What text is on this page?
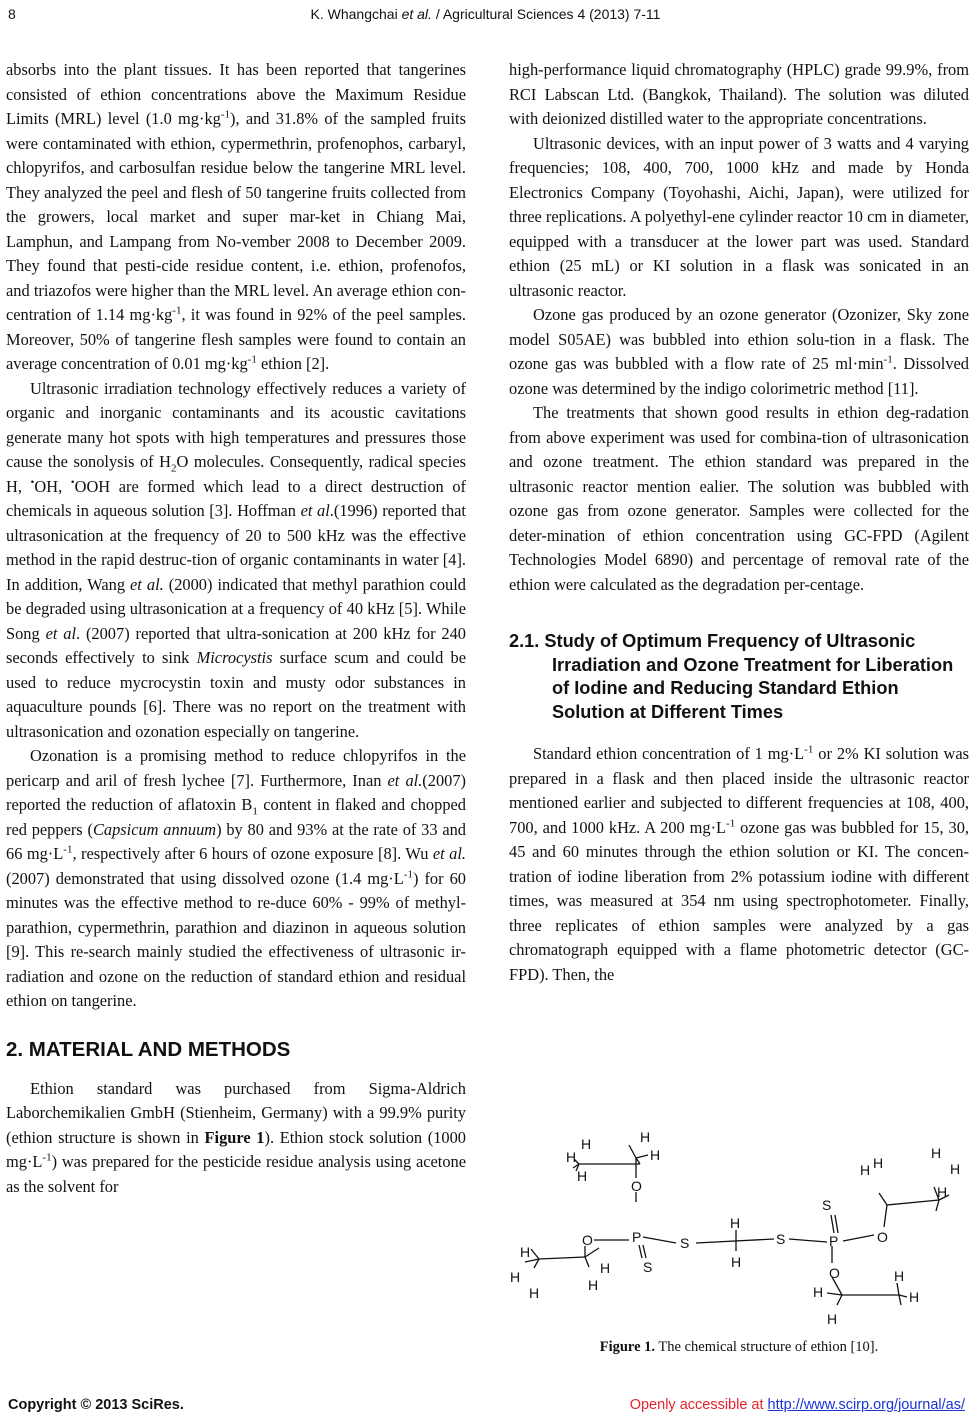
8	K. Whangchai et al. / Agricultural Sciences 4 (2013) 7-11

absorbs into the plant tissues. It has been reported that tangerines consisted of ethion concentrations above the Maximum Residue Limits (MRL) level (1.0 $mg\cdot kg^{-1}$), and 31.8% of the sampled fruits were contaminated with ethion, cypermethrin, profenophos, carbaryl, chlopyrifos, and carbosulfan residue below the tangerine MRL level. They analyzed the peel and flesh of 50 tangerine fruits collected from the growers, local market and super mar-ket in Chiang Mai, Lamphun, and Lampang from No-vember 2008 to December 2009. They found that pesti-cide residue content, i.e. ethion, profenofos, and triazofos were higher than the MRL level. An average ethion con-centration of 1.14 $mg\cdot kg^{-1}$, it was found in 92% of the peel samples. Moreover, 50% of tangerine flesh samples were found to contain an average concentration of 0.01 $mg\cdot kg^{-1}$ ethion [2].

Ultrasonic irradiation technology effectively reduces a variety of organic and inorganic contaminants and its acoustic cavitations generate many hot spots with high temperatures and pressures those cause the sonolysis of $H_2O$ molecules. Consequently, radical species H, •OH, •OOH are formed which lead to a direct destruction of chemicals in aqueous solution [3]. Hoffman et al.(1996) reported that ultrasonication at the frequency of 20 to 500 kHz was the effective method in the rapid destruc-tion of organic contaminants in water [4]. In addition, Wang et al. (2000) indicated that methyl parathion could be degraded using ultrasonication at a frequency of 40 kHz [5]. While Song et al. (2007) reported that ultra-sonication at 200 kHz for 240 seconds effectively to sink Microcystis surface scum and could be used to reduce mycrocystin toxin and musty odor substances in aquaculture pounds [6]. There was no report on the treatment with ultrasonication and ozonation especially on tangerine.

Ozonation is a promising method to reduce chlopyrifos in the pericarp and aril of fresh lychee [7]. Furthermore, Inan et al.(2007) reported the reduction of aflatoxin $B_1$ content in flaked and chopped red peppers (Capsicum annuum) by 80 and 93% at the rate of 33 and 66 $mg\cdot L^{-1}$, respectively after 6 hours of ozone exposure [8]. Wu et al. (2007) demonstrated that using dissolved ozone (1.4 $mg\cdot L^{-1}$) for 60 minutes was the effective method to re-duce 60% - 99% of methyl-parathion, cypermethrin, parathion and diazinon in aqueous solution [9]. This re-search mainly studied the effectiveness of ultrasonic ir-radiation and ozone on the reduction of standard ethion and residual ethion on tangerine.

2. MATERIAL AND METHODS

Ethion standard was purchased from Sigma-Aldrich Laborchemikalien GmbH (Stienheim, Germany) with a 99.9% purity (ethion structure is shown in Figure 1). Ethion stock solution (1000 $mg\cdot L^{-1}$) was prepared for the pesticide residue analysis using acetone as the solvent for

high-performance liquid chromatography (HPLC) grade 99.9%, from RCI Labscan Ltd. (Bangkok, Thailand). The solution was diluted with deionized distilled water to the appropriate concentrations.

Ultrasonic devices, with an input power of 3 watts and 4 varying frequencies; 108, 400, 700, 1000 kHz and made by Honda Electronics Company (Toyohashi, Aichi, Japan), were utilized for three replications. A polyethyl-ene cylinder reactor 10 cm in diameter, equipped with a transducer at the lower part was used. Standard ethion (25 mL) or KI solution in a flask was sonicated in an ultrasonic reactor.

Ozone gas produced by an ozone generator (Ozonizer, Sky zone model S05AE) was bubbled into ethion solu-tion in a flask. The ozone gas was bubbled with a flow rate of 25 $ml\cdot\min^{-1}$. Dissolved ozone was determined by the indigo colorimetric method [11].

The treatments that shown good results in ethion deg-radation from above experiment was used for combina-tion of ultrasonication and ozone treatment. The ethion standard was prepared in the ultrasonic reactor mention ealier. The solution was bubbled with ozone gas from ozone generator. Samples were collected for the deter-mination of ethion concentration using GC-FPD (Agilent Technologies Model 6890) and percentage of removal rate of the ethion were calculated as the degradation per-centage.

2.1. Study of Optimum Frequency of Ultrasonic Irradiation and Ozone Treatment for Liberation of Iodine and Reducing Standard Ethion Solution at Different Times

Standard ethion concentration of 1 $mg\cdot L^{-1}$ or 2% KI solution was prepared in a flask and then placed inside the ultrasonic reactor mentioned earlier and subjected to different frequencies at 108, 400, 700, and 1000 kHz. A 200 $mg\cdot L^{-1}$ ozone gas was bubbled for 15, 30, 45 and 60 minutes through the ethion solution or KI. The concen-tration of iodine liberation from 2% potassium iodine with different times, was measured at 354 nm using spectrophotometer. Finally, three replicates of ethion samples were analyzed by a gas chromatograph equipped with a flame photometric detector (GC-FPD). Then, the

H
H
H
H
H
O
P
O
S
S
H
H
H
H
H
H
H
S
S
P	O
O
H H
H
H
H
H
H
H
H
Figure 1. The chemical structure of ethion [10].
Copyright © 2013 SciRes.	Openly accessible at http://www.scirp.org/journal/as/
